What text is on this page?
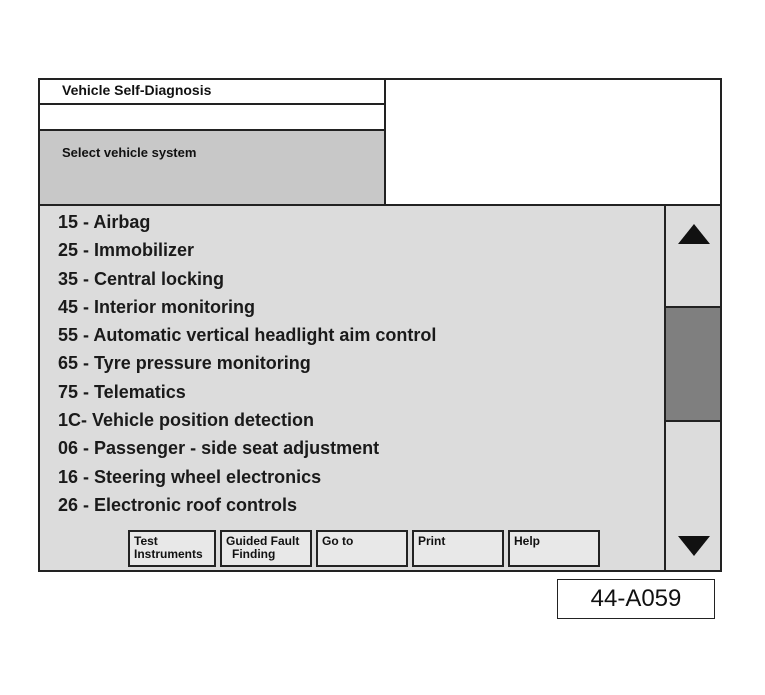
Vehicle Self-Diagnosis
Select vehicle system
15 - Airbag
25 - Immobilizer
35 - Central locking
45 - Interior monitoring
55 - Automatic vertical headlight aim control
65 - Tyre pressure monitoring
75 - Telematics
1C- Vehicle position detection
06 - Passenger - side seat adjustment
16 - Steering wheel electronics
26 - Electronic roof controls
Test
Instruments
Guided Fault
Finding
Go to	Print	Help
44-A059
